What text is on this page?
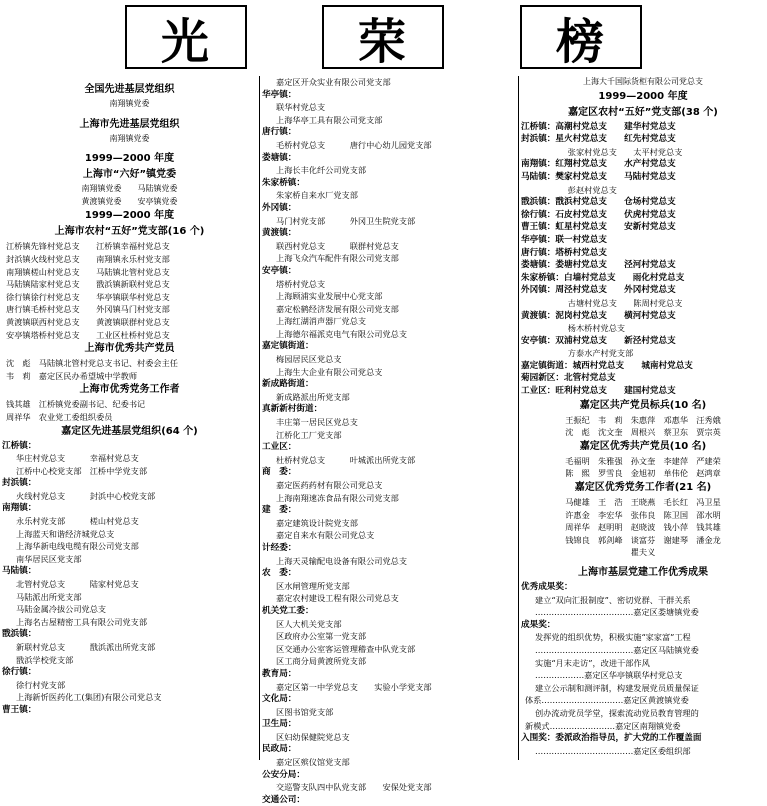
光	荣	榜
全国先进基层党组织
南翔镇党委
上海市先进基层党组织
南翔镇党委
1999—2000 年度
上海市“六好”镇党委
南翔镇党委　　马陆镇党委
黄渡镇党委　　安亭镇党委
1999—2000 年度
上海市农村“五好”党支部(16 个)
江桥镇先锋村党总支　　江桥镇幸福村党总支
封浜镇火线村党总支　　南翔镇永乐村党支部
南翔镇槎山村党总支　　马陆镇北管村党总支
马陆镇陆家村党总支　　戬浜镇新联村党总支
徐行镇徐行村党总支　　华亭镇联华村党总支
唐行镇毛桥村党总支　　外冈镇马门村党支部
黄渡镇联西村党总支　　黄渡镇联群村党总支
安亭镇塔桥村党总支　　工业区杜桥村党总支
上海市优秀共产党员
沈　彪　马陆镇北管村党总支书记、村委会主任
韦　莉　嘉定区民办希望城中学教师
上海市优秀党务工作者
钱其雄　江桥镇党委副书记、纪委书记
周祥华　农业党工委组织委员
嘉定区先进基层党组织(64 个)
江桥镇：
华庄村党总支　　　幸福村党总支
江桥中心校党支部　江桥中学党支部
封浜镇：
火线村党总支　　　封浜中心校党支部
南翔镇：
永乐村党支部　　　槎山村党总支
上海蓝天和谐经济城党总支
上海华新电线电缆有限公司党支部
南华居民区党支部
马陆镇：
北管村党总支　　　陆家村党总支
马陆派出所党支部
马陆金属冷拔公司党总支
上海名古屋精密工具有限公司党支部
戬浜镇：
新联村党总支　　　戬浜派出所党支部
戬浜学校党支部
徐行镇：
徐行村党支部
上海新忻医药化工(集团)有限公司党总支
曹王镇：
嘉定区开众实业有限公司党支部
华亭镇：
联华村党总支
上海华亭工具有限公司党支部
唐行镇：
毛桥村党总支　　　唐行中心幼儿园党支部
娄塘镇：
上海长丰化纤公司党支部
朱家桥镇：
朱家桥自来水厂党支部
外冈镇：
马门村党支部　　　外冈卫生院党支部
黄渡镇：
联西村党总支　　　联群村党总支
上海飞众汽车配件有限公司党支部
安亭镇：
塔桥村党总支
上海顾浦实业发展中心党支部
嘉定松鹤经济发展有限公司党支部
上海红湖消声器厂党总支
上海德尔福派克电气有限公司党总支
嘉定镇街道：
梅园居民区党总支
上海生大企业有限公司党总支
新成路街道：
新成路派出所党支部
真新新村街道：
丰庄第一居民区党总支
江桥化工厂党支部
工业区：
杜桥村党总支　　　叶城派出所党支部
商　委：
嘉定医药药材有限公司党总支
上海南翔速冻食品有限公司党支部
建　委：
嘉定建筑设计院党支部
嘉定自来水有限公司党总支
计经委：
上海天灵输配电设备有限公司党总支
农　委：
区水闸管理所党支部
嘉定农村建设工程有限公司党总支
机关党工委：
区人大机关党支部
区政府办公室第一党支部
区交通办公室客运管理稽查中队党支部
区工商分局黄渡所党支部
教育局：
嘉定区第一中学党总支　　实验小学党支部
文化局：
区图书馆党支部
卫生局：
区妇幼保健院党总支
民政局：
嘉定区殡仪馆党支部
公安分局：
交巡警支队四中队党支部　　安保处党支部
交通公司：
上海大千国际货柜有限公司党总支
1999—2000 年度
嘉定区农村“五好”党支部(38 个)
江桥镇：高潮村党总支　　建华村党总支
封浜镇：星火村党总支　　红先村党总支
　　　　张家村党总支　　太平村党总支
南翔镇：红翔村党总支　　水产村党总支
马陆镇：樊家村党总支　　马陆村党总支
　　　　彭赵村党总支
戬浜镇：戬浜村党总支　　仓场村党总支
徐行镇：石皮村党总支　　伏虎村党总支
曹王镇：虹星村党总支　　安新村党总支
华亭镇：联一村党总支
唐行镇：塔桥村党总支
娄塘镇：娄塘村党总支　　泾河村党总支
朱家桥镇：白墙村党总支　　雨化村党总支
外冈镇：周泾村党总支　　外冈村党总支
　　　　古塘村党总支　　陈周村党总支
黄渡镇：泥岗村党总支　　横河村党总支
　　　　杨木桥村党总支
安亭镇：双浦村党总支　　新泾村党总支
　　　　方泰水产村党支部
嘉定镇街道：城西村党总支　　城南村党总支
菊园新区：北管村党总支
工业区：旺利村党总支　　建国村党总支
嘉定区共产党员标兵(10 名)
王振纪　韦　莉　朱惠萍　邓惠华　汪秀娥
沈　彪　沈文奎　周根兴　蔡卫东　贾宗英
嘉定区优秀共产党员(10 名)
毛福明　朱雅强　孙文奎　李建萍　严建荣
陈　熙　罗雪良　金旭初　单伟伦　赵鸿章
嘉定区优秀党务工作者(21 名)
马健雄　王　浩　王晓燕　毛长红　冯卫星
许惠金　李宏华　张伟良　陈卫国　邵水明
周祥华　赵明明　赵晓波　钱小萍　钱其雄
钱锦良　郭剑峰　谈富芬　谢建琴　潘金龙
瞿夫义
上海市基层党建工作优秀成果
优秀成果奖：
建立“双向汇报制度”、密切党群、干群关系
………………………………嘉定区娄塘镇党委
成果奖：
发挥党的组织优势，积极实施“家家富”工程
………………………………嘉定区马陆镇党委
实施“月末走访”，改进干部作风
………………嘉定区华亭镇联华村党总支
建立公示制和测评制，构建发展党员质量保证
体系…………………………嘉定区黄渡镇党委
创办流动党员学堂，探索流动党员教育管理的
新模式……………………嘉定区南翔镇党委
入围奖：委派政治指导员，扩大党的工作覆盖面
………………………………嘉定区委组织部
